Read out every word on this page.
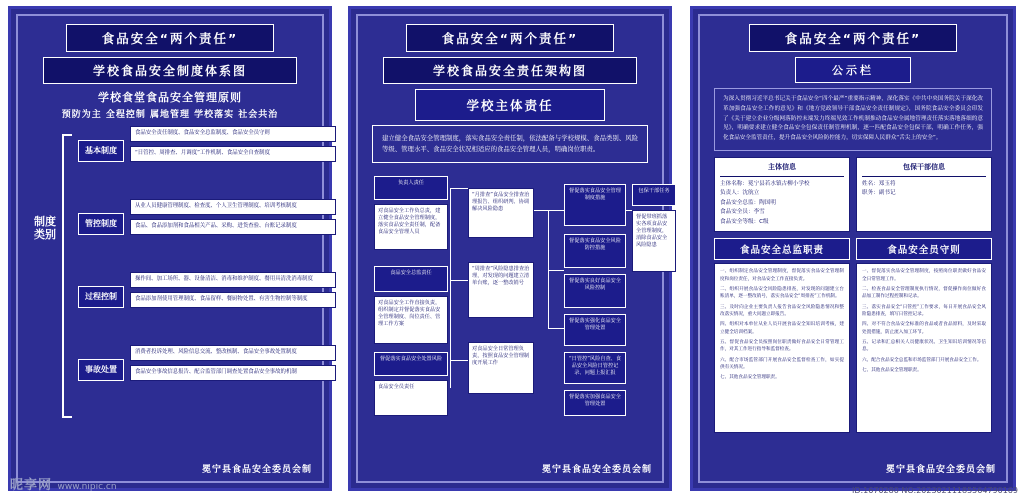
食品安全“两个责任”
学校食品安全制度体系图
学校食堂食品安全管理原则
预防为主 全程控制 属地管理 学校落实 社会共治
制度类别
基本制度
食品安全责任制度、食品安全总监制度、食品安全员守则
“日管控、周排查、月调度”工作机制、食品安全自查制度
管控制度
从业人员健康管理制度、检查度、个人卫生管理制度、培训考核制度
食品、食品添加剂和食品相关产品、采购、进货查验、台账记录制度
过程控制
操作间、加工场所、器、设备清洁、消毒和维护制度、餐用具清洗消毒制度
食品添加剂使用管理制度、食品留样、餐厨物处置、有害生物控制等制度
事故处置
消费者投诉处理、风险信息交流、整改核制、食品安全事故处置制度
食品安全事故信息报告、配合监管部门调查处置食品安全事故的机制
冕宁县食品安全委员会制
食品安全“两个责任”
学校食品安全责任架构图
学校主体责任
建立健全食品安全管理制度，落实食品安全责任制，依法配备与学校规模、食品类别、风险等级、管理水平、食品安全状况相适应的食品安全管理人员，明确岗位职责。
负责人责任
对食品安全工作负总责，建立健全食品安全管理制度，落实食品安全责任制，配备食品安全管理人员
食品安全总监责任
对食品安全工作直接负责，组织制定并督促落实食品安全管理制度、岗位责任、管理工作方案
督促落实食品安全处置风险
食品安全员责任
“月排查”食品安全排查治理报告、组织研判、协调解决风险隐患
“周排查”风险隐患排查治理，对发现的问题建立清单台账，逐一整改销号
对食品安全日常管理负责，按照食品安全管理制度开展工作
督促落实食品安全管理制度措施
督促落实食品安全风险防控措施
督促落实良好食品安全风险控制
督促落实强化食品安全管理处置
“日管控”风险自查、食品安全风险日管控记录、问题上报汇报
督促落实加强食品安全管理处置
包保干部任务
督促带班抓落实各项食品安全管理制度，消除食品安全风险隐患
冕宁县食品安全委员会制
食品安全“两个责任”
公示栏
为深入贯彻习近平总书记关于食品安全“四个最严”重要指示精神，深化落实《中共中央国务院关于深化改革加强食品安全工作的意见》和《地方党政领导干部食品安全责任制规定》，国务院食品安全委员会印发了《关于建立企业分级网落防控末端发力终端见效工作机制推动食品安全属地管理责任落实落地落细的意见》，明确要求建立健全食品安全包保责任制管理机制，逐一匹配食品安全包保干部，明确工作任务，强化食品安全监管责任，提升食品安全风险防控能力，切实保障人民群众“舌尖上的安全”。
主体信息
主体名称：冕宁县若水镇古柳小学校
负责人：沈航立
食品安全总监：陶国明
食品安全员：李雪
食品安全等级：C级
包保干部信息
姓名：郑玉将
职务：副书记
食品安全总监职责	食品安全员守则

一、组织制定食品安全管理制度，督促落实食品安全管理制度和岗位责任，对食品安全工作直接负责。

二、组织开展食品安全风险隐患排查，对发现的问题建立台账清单，逐一整改销号，落实食品安全“周排查”工作机制。

三、及时向企业主要负责人报告食品安全风险隐患情况和整改落实情况，重大问题立即报告。

四、组织对本单位从业人员开展食品安全知识培训考核，建立健全培训档案。

五、督促食品安全员按照岗位职责做好食品安全日常管理工作，对其工作进行指导和监督检查。

六、配合市场监管部门开展食品安全监督检查工作，如实提供有关情况。

七、其他食品安全管理职责。

一、督促落实食品安全管理制度，按照岗位职责做好食品安全日常管理工作。

二、检查食品安全管理制度执行情况，督促操作岗位做好食品加工制作过程控制和记录。

三、落实食品安全“日管控”工作要求，每日开展食品安全风险隐患排查，填写日管控记录。

四、对不符合食品安全标准的食品或者食品原料，及时采取处置措施，防止流入加工环节。

五、记录和汇总相关人员健康状况、卫生知识培训情况等信息。

六、配合食品安全总监和市场监管部门开展食品安全工作。

七、其他食品安全管理职责。

冕宁县食品安全委员会制
昵享网 www.nipic.cn	ID:1670280 NO:20230211185564790169
